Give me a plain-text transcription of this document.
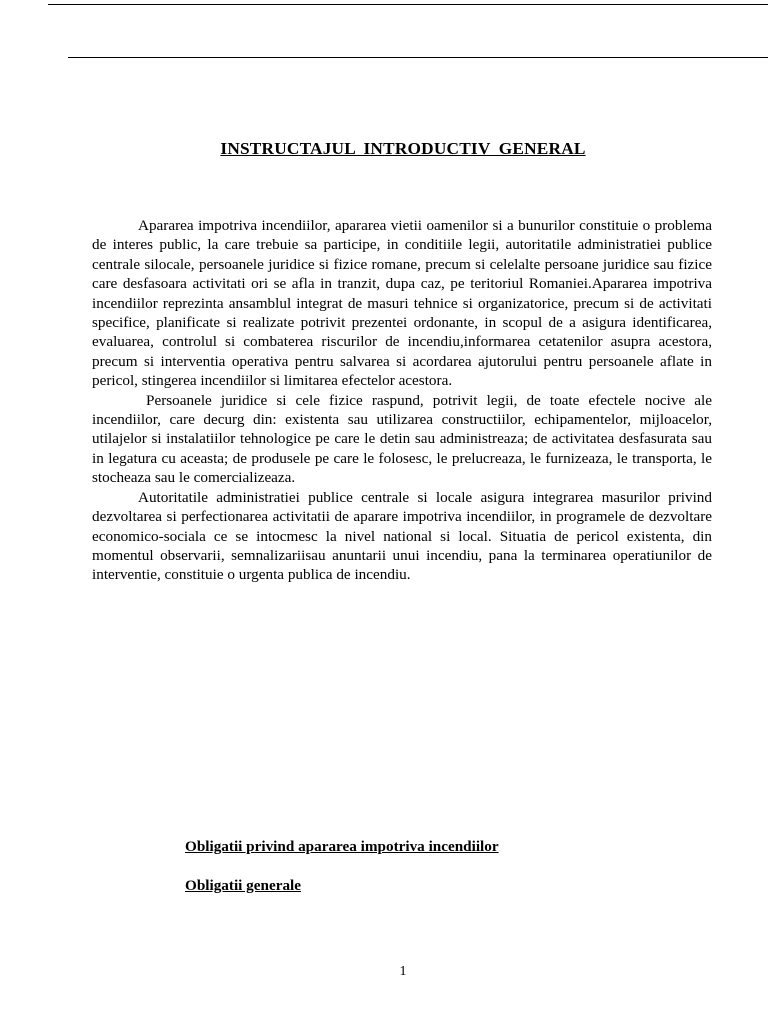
INSTRUCTAJUL INTRODUCTIV GENERAL

Apararea impotriva incendiilor, apararea vietii oamenilor si a bunurilor constituie o problema de interes public, la care trebuie sa participe, in conditiile legii, autoritatile administratiei publice centrale silocale, persoanele juridice si fizice romane, precum si celelalte persoane juridice sau fizice care desfasoara activitati ori se afla in tranzit, dupa caz, pe teritoriul Romaniei.Apararea impotriva incendiilor reprezinta ansamblul integrat de masuri tehnice si organizatorice, precum si de activitati specifice, planificate si realizate potrivit prezentei ordonante, in scopul de a asigura identificarea, evaluarea, controlul si combaterea riscurilor de incendiu,informarea cetatenilor asupra acestora, precum si interventia operativa pentru salvarea si acordarea ajutorului pentru persoanele aflate in pericol, stingerea incendiilor si limitarea efectelor acestora.

Persoanele juridice si cele fizice raspund, potrivit legii, de toate efectele nocive ale incendiilor, care decurg din: existenta sau utilizarea constructiilor, echipamentelor, mijloacelor, utilajelor si instalatiilor tehnologice pe care le detin sau administreaza; de activitatea desfasurata sau in legatura cu aceasta; de produsele pe care le folosesc, le prelucreaza, le furnizeaza, le transporta, le stocheaza sau le comercializeaza.

Autoritatile administratiei publice centrale si locale asigura integrarea masurilor privind dezvoltarea si perfectionarea activitatii de aparare impotriva incendiilor, in programele de dezvoltare economico-sociala ce se intocmesc la nivel national si local. Situatia de pericol existenta, din momentul observarii, semnalizariisau anuntarii unui incendiu, pana la terminarea operatiunilor de interventie, constituie o urgenta publica de incendiu.

Obligatii privind apararea impotriva incendiilor
Obligatii generale
1
